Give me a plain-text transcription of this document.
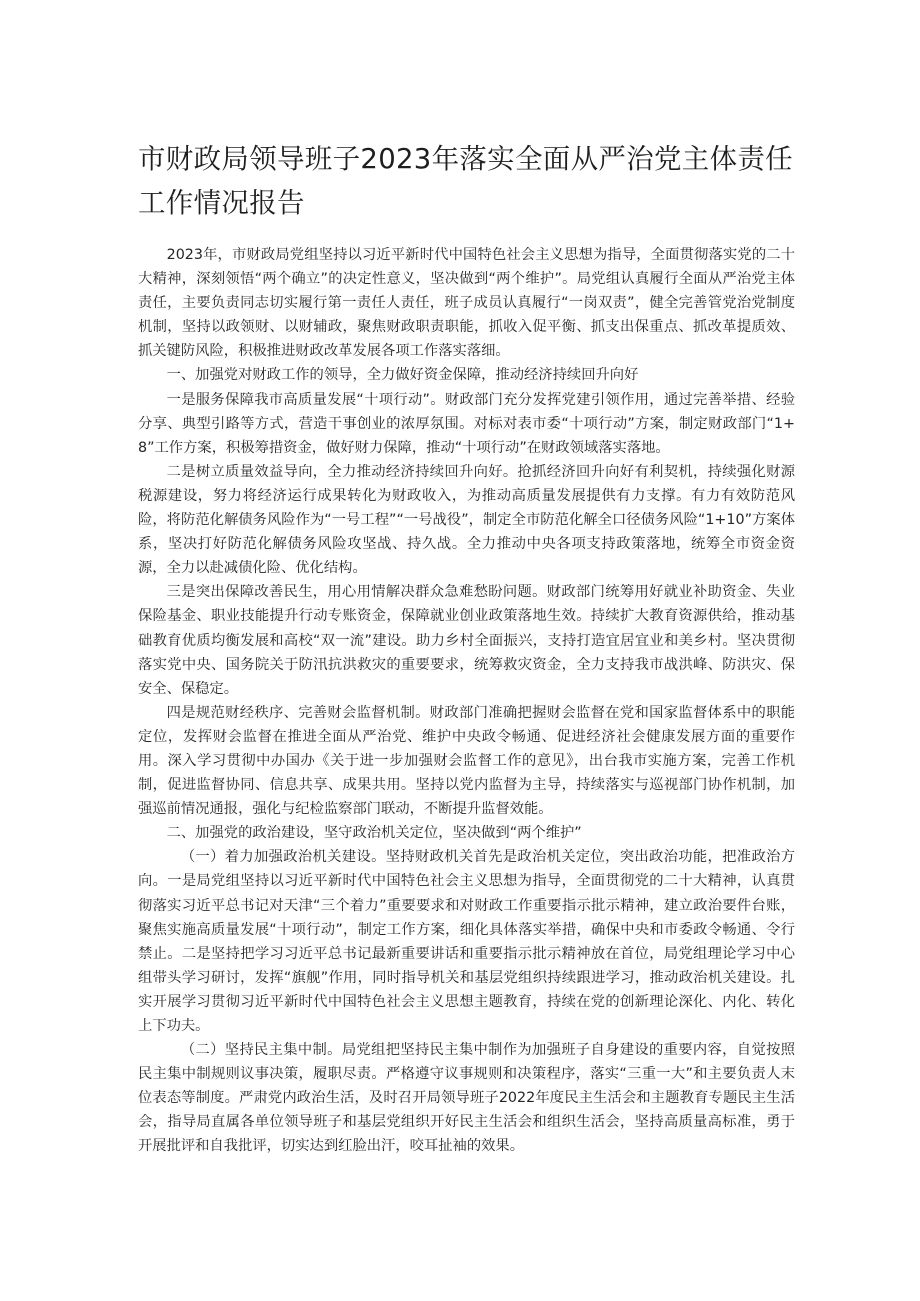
市财政局领导班子2023年落实全面从严治党主体责任工作情况报告

2023年，市财政局党组坚持以习近平新时代中国特色社会主义思想为指导，全面贯彻落实党的二十大精神，深刻领悟“两个确立”的决定性意义，坚决做到“两个维护”。局党组认真履行全面从严治党主体责任，主要负责同志切实履行第一责任人责任，班子成员认真履行“一岗双责”，健全完善管党治党制度机制，坚持以政领财、以财辅政，聚焦财政职责职能，抓收入促平衡、抓支出保重点、抓改革提质效、抓关键防风险，积极推进财政改革发展各项工作落实落细。

一、加强党对财政工作的领导，全力做好资金保障，推动经济持续回升向好

一是服务保障我市高质量发展“十项行动”。财政部门充分发挥党建引领作用，通过完善举措、经验分享、典型引路等方式，营造干事创业的浓厚氛围。对标对表市委“十项行动”方案，制定财政部门“1+8”工作方案，积极筹措资金，做好财力保障，推动“十项行动”在财政领域落实落地。

二是树立质量效益导向，全力推动经济持续回升向好。抢抓经济回升向好有利契机，持续强化财源税源建设，努力将经济运行成果转化为财政收入，为推动高质量发展提供有力支撑。有力有效防范风险，将防范化解债务风险作为“一号工程”“一号战役”，制定全市防范化解全口径债务风险“1+10”方案体系，坚决打好防范化解债务风险攻坚战、持久战。全力推动中央各项支持政策落地，统筹全市资金资源，全力以赴减债化险、优化结构。

三是突出保障改善民生，用心用情解决群众急难愁盼问题。财政部门统筹用好就业补助资金、失业保险基金、职业技能提升行动专账资金，保障就业创业政策落地生效。持续扩大教育资源供给，推动基础教育优质均衡发展和高校“双一流”建设。助力乡村全面振兴，支持打造宜居宜业和美乡村。坚决贯彻落实党中央、国务院关于防汛抗洪救灾的重要要求，统筹救灾资金，全力支持我市战洪峰、防洪灾、保安全、保稳定。

四是规范财经秩序、完善财会监督机制。财政部门准确把握财会监督在党和国家监督体系中的职能定位，发挥财会监督在推进全面从严治党、维护中央政令畅通、促进经济社会健康发展方面的重要作用。深入学习贯彻中办国办《关于进一步加强财会监督工作的意见》，出台我市实施方案，完善工作机制，促进监督协同、信息共享、成果共用。坚持以党内监督为主导，持续落实与巡视部门协作机制，加强巡前情况通报，强化与纪检监察部门联动，不断提升监督效能。

二、加强党的政治建设，坚守政治机关定位，坚决做到“两个维护”

（一）着力加强政治机关建设。坚持财政机关首先是政治机关定位，突出政治功能，把准政治方向。一是局党组坚持以习近平新时代中国特色社会主义思想为指导，全面贯彻党的二十大精神，认真贯彻落实习近平总书记对天津“三个着力”重要要求和对财政工作重要指示批示精神，建立政治要件台账，聚焦实施高质量发展“十项行动”，制定工作方案，细化具体落实举措，确保中央和市委政令畅通、令行禁止。二是坚持把学习习近平总书记最新重要讲话和重要指示批示精神放在首位，局党组理论学习中心组带头学习研讨，发挥“旗舰”作用，同时指导机关和基层党组织持续跟进学习，推动政治机关建设。扎实开展学习贯彻习近平新时代中国特色社会主义思想主题教育，持续在党的创新理论深化、内化、转化上下功夫。

（二）坚持民主集中制。局党组把坚持民主集中制作为加强班子自身建设的重要内容，自觉按照民主集中制规则议事决策，履职尽责。严格遵守议事规则和决策程序，落实“三重一大”和主要负责人末位表态等制度。严肃党内政治生活，及时召开局领导班子2022年度民主生活会和主题教育专题民主生活会，指导局直属各单位领导班子和基层党组织开好民主生活会和组织生活会，坚持高质量高标准，勇于开展批评和自我批评，切实达到红脸出汗，咬耳扯袖的效果。
